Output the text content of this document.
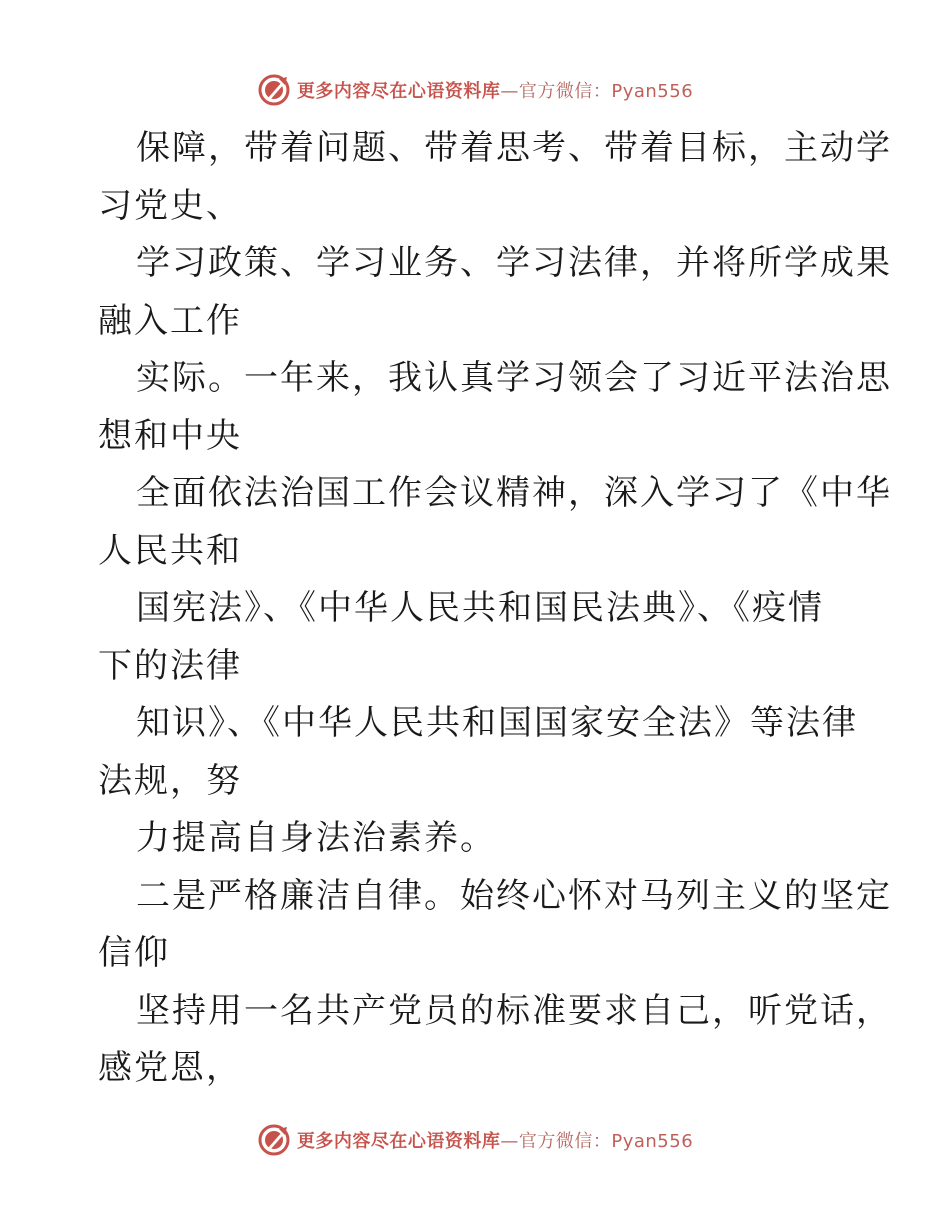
更多内容尽在心语资料库—官方微信：Pyan556
保障，带着问题、带着思考、带着目标，主动学
习党史、
学习政策、学习业务、学习法律，并将所学成果
融入工作
实际。一年来，我认真学习领会了习近平法治思
想和中央
全面依法治国工作会议精神，深入学习了《中华
人民共和
国宪法》、《中华人民共和国民法典》、《疫情
下的法律
知识》、《中华人民共和国国家安全法》等法律
法规，努
力提高自身法治素养。
二是严格廉洁自律。始终心怀对马列主义的坚定
信仰
坚持用一名共产党员的标准要求自己，听党话，
感党恩，
更多内容尽在心语资料库—官方微信：Pyan556
